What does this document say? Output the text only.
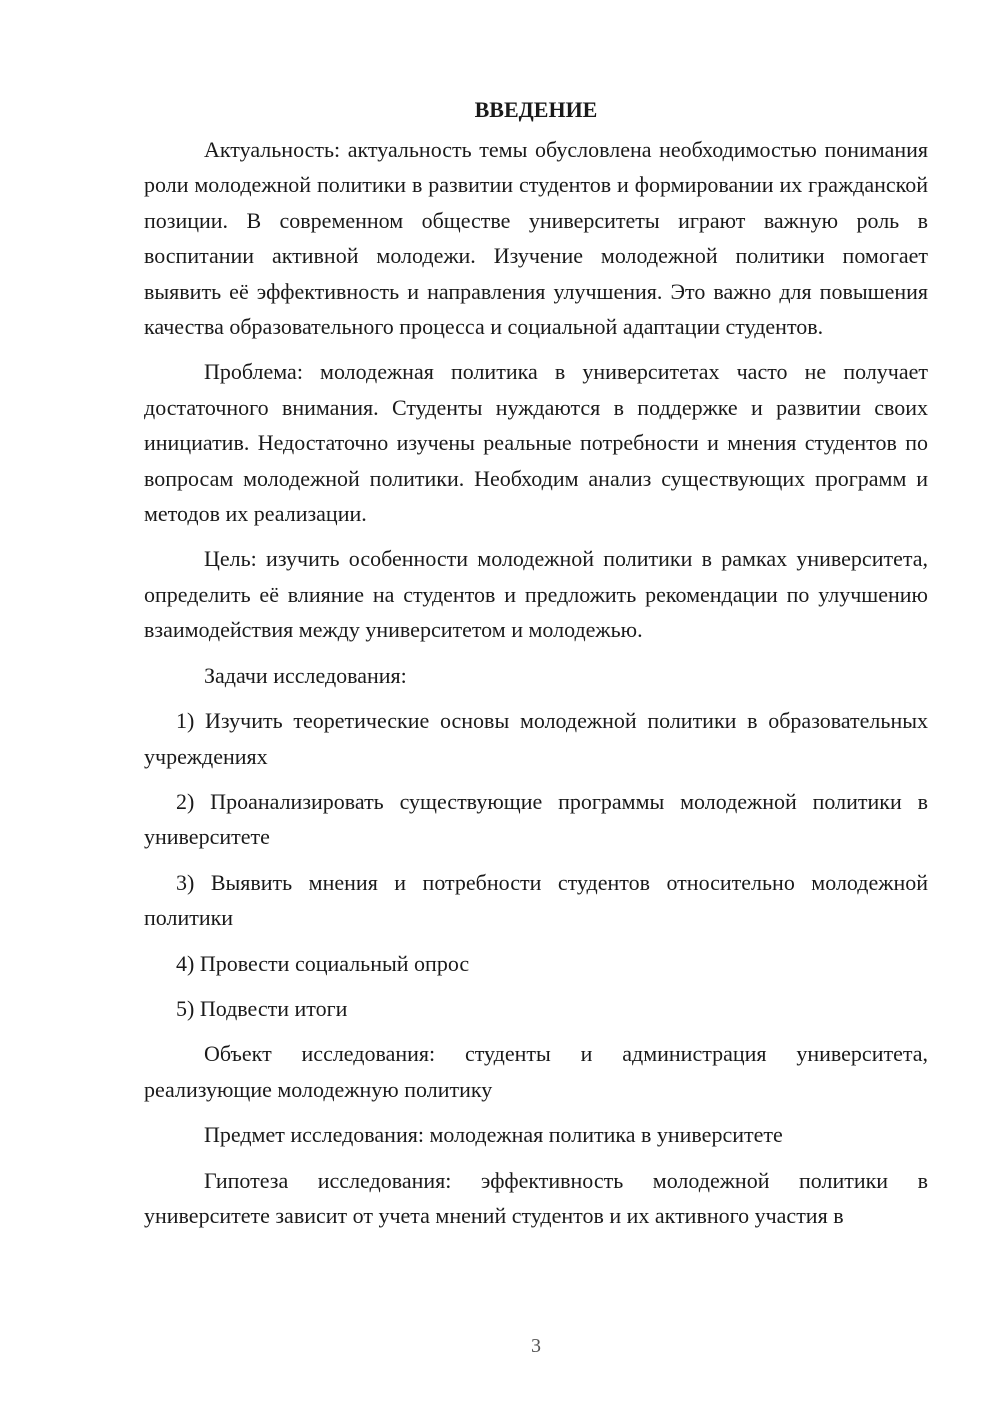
ВВЕДЕНИЕ

Актуальность: актуальность темы обусловлена необходимостью понимания роли молодежной политики в развитии студентов и формировании их гражданской позиции. В современном обществе университеты играют важную роль в воспитании активной молодежи. Изучение молодежной политики помогает выявить её эффективность и направления улучшения. Это важно для повышения качества образовательного процесса и социальной адаптации студентов.

Проблема: молодежная политика в университетах часто не получает достаточного внимания. Студенты нуждаются в поддержке и развитии своих инициатив. Недостаточно изучены реальные потребности и мнения студентов по вопросам молодежной политики. Необходим анализ существующих программ и методов их реализации.

Цель: изучить особенности молодежной политики в рамках университета, определить её влияние на студентов и предложить рекомендации по улучшению взаимодействия между университетом и молодежью.

Задачи исследования:

1) Изучить теоретические основы молодежной политики в образовательных учреждениях

2) Проанализировать существующие программы молодежной политики в университете

3) Выявить мнения и потребности студентов относительно молодежной политики

4) Провести социальный опрос

5) Подвести итоги

Объект исследования: студенты и администрация университета, реализующие молодежную политику

Предмет исследования: молодежная политика в университете

Гипотеза исследования: эффективность молодежной политики в университете зависит от учета мнений студентов и их активного участия в

3
